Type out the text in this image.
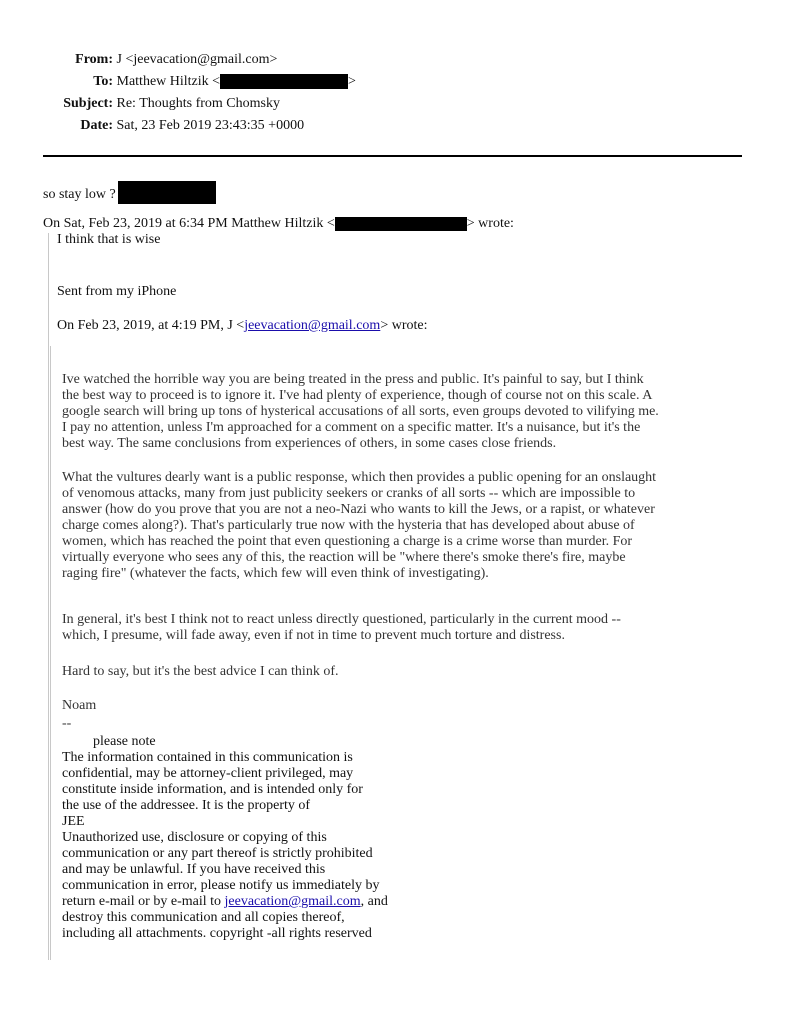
From: J <jeevacation@gmail.com>
To: Matthew Hiltzik <	>
Subject: Re: Thoughts from Chomsky
Date: Sat, 23 Feb 2019 23:43:35 +0000
so stay low ?
On Sat, Feb 23, 2019 at 6:34 PM Matthew Hiltzik <	> wrote:
I think that is wise
Sent from my iPhone
On Feb 23, 2019, at 4:19 PM, J <jeevacation@gmail.com> wrote:
Ive watched the horrible way you are being treated in the press and public. It's painful to say, but I think
the best way to proceed is to ignore it. I've had plenty of experience, though of course not on this scale. A
google search will bring up tons of hysterical accusations of all sorts, even groups devoted to vilifying me.
I pay no attention, unless I'm approached for a comment on a specific matter. It's a nuisance, but it's the
best way. The same conclusions from experiences of others, in some cases close friends.
What the vultures dearly want is a public response, which then provides a public opening for an onslaught
of venomous attacks, many from just publicity seekers or cranks of all sorts -- which are impossible to
answer (how do you prove that you are not a neo-Nazi who wants to kill the Jews, or a rapist, or whatever
charge comes along?). That's particularly true now with the hysteria that has developed about abuse of
women, which has reached the point that even questioning a charge is a crime worse than murder. For
virtually everyone who sees any of this, the reaction will be "where there's smoke there's fire, maybe
raging fire" (whatever the facts, which few will even think of investigating).
In general, it's best I think not to react unless directly questioned, particularly in the current mood --
which, I presume, will fade away, even if not in time to prevent much torture and distress.
Hard to say, but it's the best advice I can think of.
Noam
--
please note
The information contained in this communication is
confidential, may be attorney-client privileged, may
constitute inside information, and is intended only for
the use of the addressee. It is the property of
JEE
Unauthorized use, disclosure or copying of this
communication or any part thereof is strictly prohibited
and may be unlawful. If you have received this
communication in error, please notify us immediately by
return e-mail or by e-mail to jeevacation@gmail.com, and
destroy this communication and all copies thereof,
including all attachments. copyright -all rights reserved
